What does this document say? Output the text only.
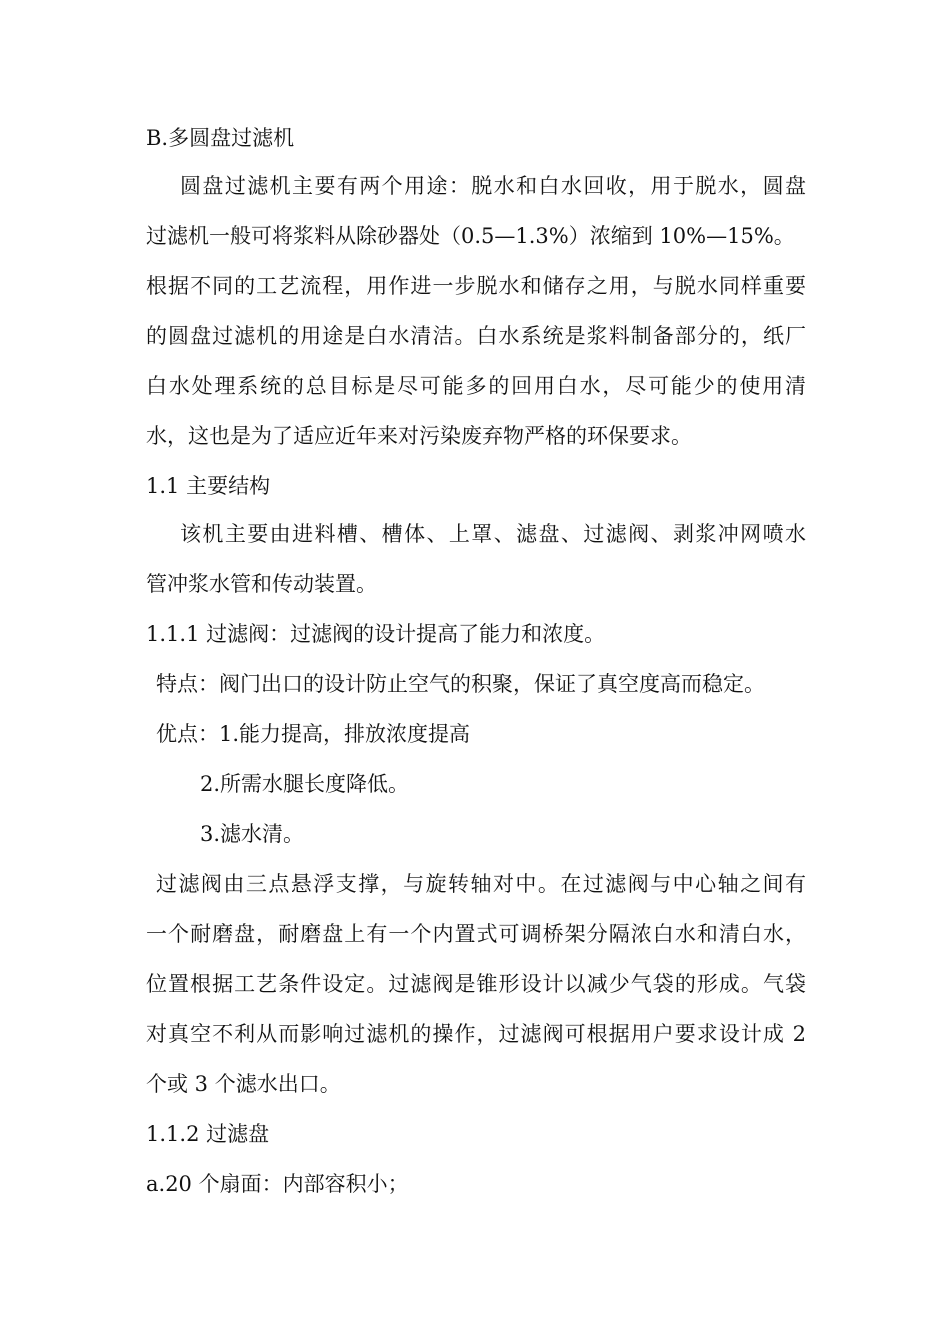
B.多圆盘过滤机
圆盘过滤机主要有两个用途：脱水和白水回收，用于脱水，圆盘
过滤机一般可将浆料从除砂器处（0.5—1.3%）浓缩到 10%—15%。
根据不同的工艺流程，用作进一步脱水和储存之用，与脱水同样重要
的圆盘过滤机的用途是白水清洁。白水系统是浆料制备部分的，纸厂
白水处理系统的总目标是尽可能多的回用白水，尽可能少的使用清
水，这也是为了适应近年来对污染废弃物严格的环保要求。
1.1 主要结构
该机主要由进料槽、槽体、上罩、滤盘、过滤阀、剥浆冲网喷水
管冲浆水管和传动装置。
1.1.1 过滤阀：过滤阀的设计提高了能力和浓度。
特点：阀门出口的设计防止空气的积聚，保证了真空度高而稳定。
优点：1.能力提高，排放浓度提高
2.所需水腿长度降低。
3.滤水清。
过滤阀由三点悬浮支撑，与旋转轴对中。在过滤阀与中心轴之间有
一个耐磨盘，耐磨盘上有一个内置式可调桥架分隔浓白水和清白水，
位置根据工艺条件设定。过滤阀是锥形设计以减少气袋的形成。气袋
对真空不利从而影响过滤机的操作，过滤阀可根据用户要求设计成 2
个或 3 个滤水出口。
1.1.2 过滤盘
a.20 个扇面：内部容积小；
